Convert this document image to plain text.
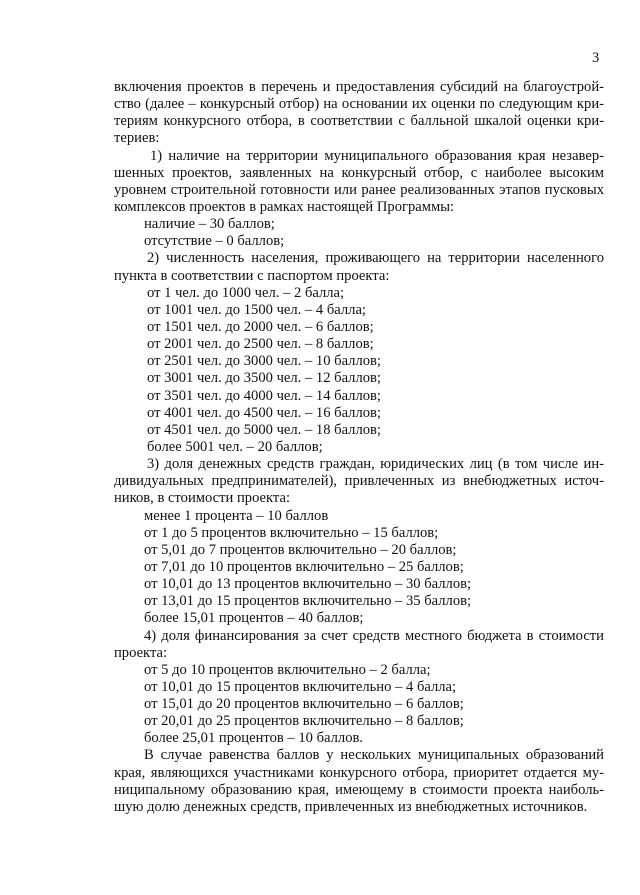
3
включения проектов в перечень и предоставления субсидий на благоустрой-
ство (далее – конкурсный отбор) на основании их оценки по следующим кри-
териям конкурсного отбора, в соответствии с балльной шкалой оценки кри-
териев:
1) наличие на территории муниципального образования края незавер-
шенных проектов, заявленных на конкурсный отбор, с наиболее высоким
уровнем строительной готовности или ранее реализованных этапов пусковых
комплексов проектов в рамках настоящей Программы:
наличие – 30 баллов;
отсутствие – 0 баллов;
2) численность населения, проживающего на территории населенного
пункта в соответствии с паспортом проекта:
от 1 чел. до 1000 чел. – 2 балла;
от 1001 чел. до 1500 чел. – 4 балла;
от 1501 чел. до 2000 чел. – 6 баллов;
от 2001 чел. до 2500 чел. – 8 баллов;
от 2501 чел. до 3000 чел. – 10 баллов;
от 3001 чел. до 3500 чел. – 12 баллов;
от 3501 чел. до 4000 чел. – 14 баллов;
от 4001 чел. до 4500 чел. – 16 баллов;
от 4501 чел. до 5000 чел. – 18 баллов;
более 5001 чел. – 20 баллов;
3) доля денежных средств граждан, юридических лиц (в том числе ин-
дивидуальных предпринимателей), привлеченных из внебюджетных источ-
ников, в стоимости проекта:
менее 1 процента – 10 баллов
от 1 до 5 процентов включительно – 15 баллов;
от 5,01 до 7 процентов включительно – 20 баллов;
от 7,01 до 10 процентов включительно – 25 баллов;
от 10,01 до 13 процентов включительно – 30 баллов;
от 13,01 до 15 процентов включительно – 35 баллов;
более 15,01 процентов – 40 баллов;
4) доля финансирования за счет средств местного бюджета в стоимости
проекта:
от 5 до 10 процентов включительно – 2 балла;
от 10,01 до 15 процентов включительно – 4 балла;
от 15,01 до 20 процентов включительно – 6 баллов;
от 20,01 до 25 процентов включительно – 8 баллов;
более 25,01 процентов – 10 баллов.
В случае равенства баллов у нескольких муниципальных образований
края, являющихся участниками конкурсного отбора, приоритет отдается му-
ниципальному образованию края, имеющему в стоимости проекта наиболь-
шую долю денежных средств, привлеченных из внебюджетных источников.
